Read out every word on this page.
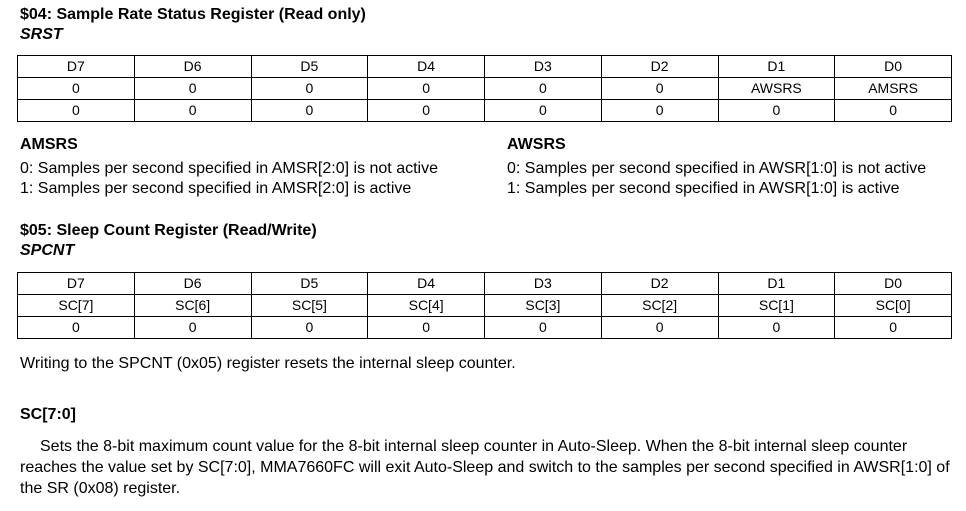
$04: Sample Rate Status Register (Read only)
SRST
D7	D6	D5	D4	D3	D2	D1	D0
0	0	0	0	0	0	AWSRS	AMSRS
0	0	0	0	0	0	0	0
AMSRS
0: Samples per second specified in AMSR[2:0] is not active
1: Samples per second specified in AMSR[2:0] is active
AWSRS
0: Samples per second specified in AWSR[1:0] is not active
1: Samples per second specified in AWSR[1:0] is active
$05: Sleep Count Register (Read/Write)
SPCNT
D7	D6	D5	D4	D3	D2	D1	D0
SC[7]	SC[6]	SC[5]	SC[4]	SC[3]	SC[2]	SC[1]	SC[0]
0	0	0	0	0	0	0	0
Writing to the SPCNT (0x05) register resets the internal sleep counter.
SC[7:0]
Sets the 8-bit maximum count value for the 8-bit internal sleep counter in Auto-Sleep. When the 8-bit internal sleep counter reaches the value set by SC[7:0], MMA7660FC will exit Auto-Sleep and switch to the samples per second specified in AWSR[1:0] of the SR (0x08) register.
